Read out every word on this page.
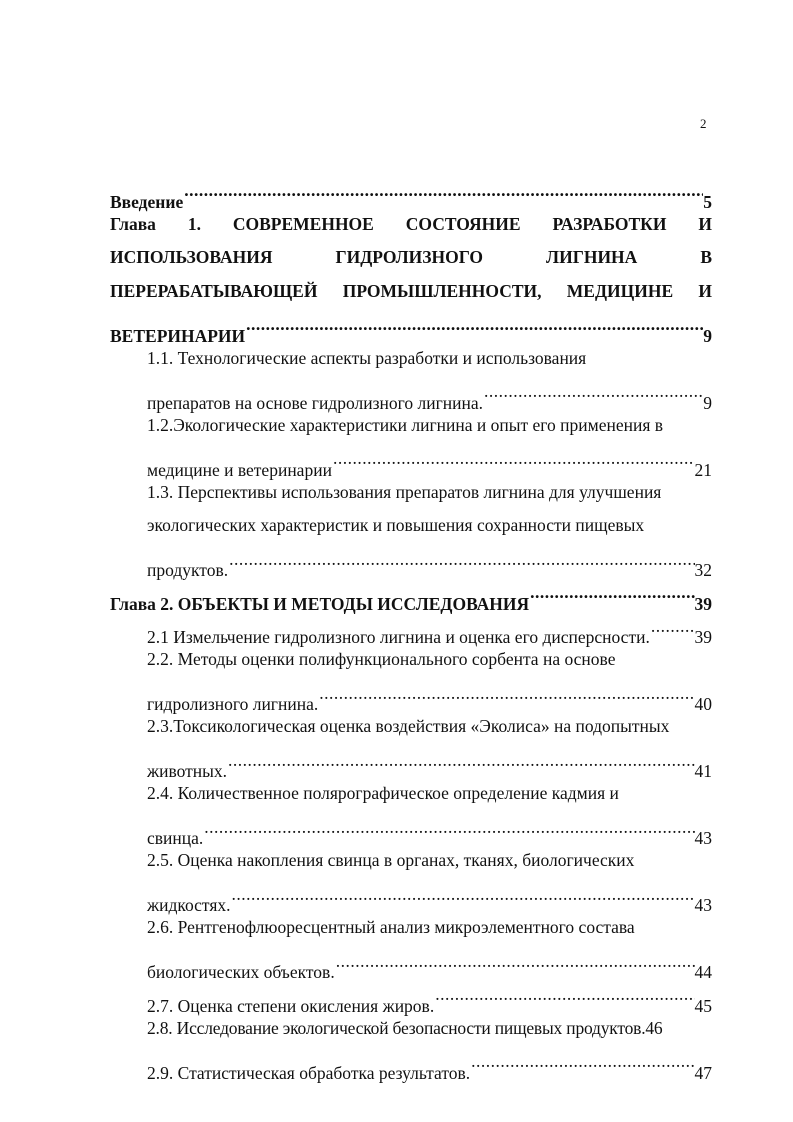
2
Введение .....	5
Глава 1. СОВРЕМЕННОЕ СОСТОЯНИЕ РАЗРАБОТКИ И
ИСПОЛЬЗОВАНИЯ ГИДРОЛИЗНОГО ЛИГНИНА В
ПЕРЕРАБАТЫВАЮЩЕЙ ПРОМЫШЛЕННОСТИ, МЕДИЦИНЕ И
ВЕТЕРИНАРИИ .....	9
1.1. Технологические аспекты разработки и использования
препаратов на основе гидролизного лигнина. .....	9
1.2.Экологические характеристики лигнина и опыт его применения в
медицине и ветеринарии .....	21
1.3. Перспективы использования препаратов лигнина для улучшения
экологических характеристик и повышения сохранности пищевых
продуктов. .....	32
Глава 2. ОБЪЕКТЫ И МЕТОДЫ ИССЛЕДОВАНИЯ .....	39
2.1 Измельчение гидролизного лигнина и оценка его дисперсности. .....	39
2.2. Методы оценки полифункционального сорбента на основе
гидролизного лигнина. .....	40
2.3.Токсикологическая оценка воздействия «Эколиса» на подопытных
животных. .....	41
2.4. Количественное полярографическое определение кадмия и
свинца. .....	43
2.5. Оценка накопления свинца в органах, тканях, биологических
жидкостях. .....	43
2.6. Рентгенофлюоресцентный анализ микроэлементного состава
биологических объектов. .....	44
2.7. Оценка степени окисления жиров. .....	45
2.8. Исследование экологической безопасности пищевых продуктов. 46
2.9. Статистическая обработка результатов. .....	47
